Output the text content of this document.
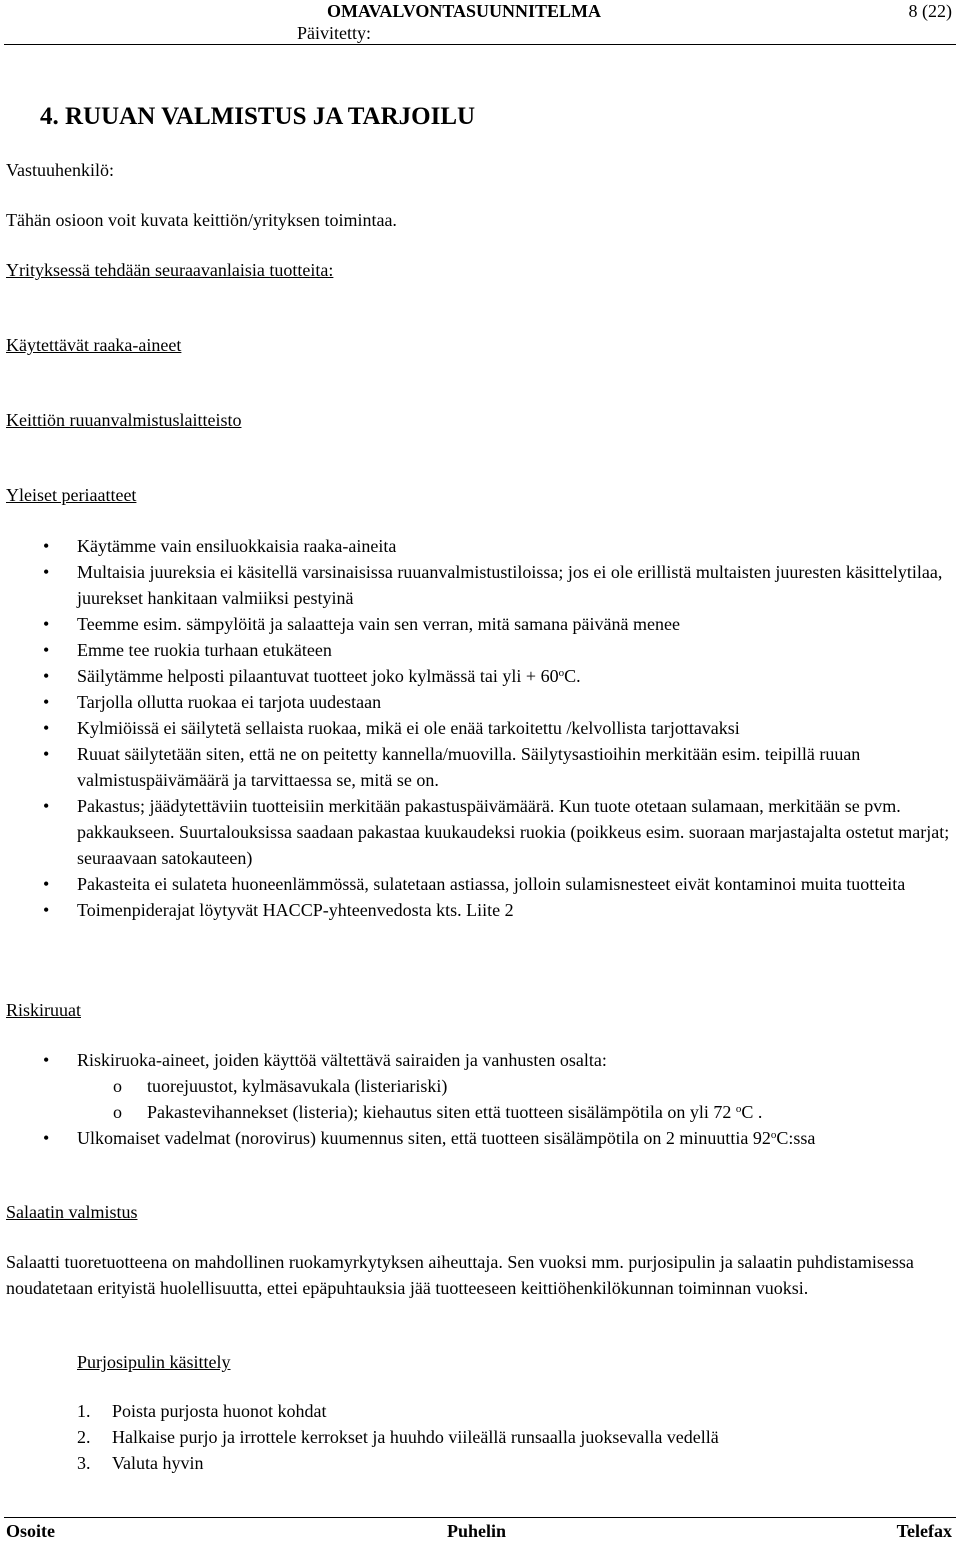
OMAVALVONTASUUNNITELMA	8 (22)
Päivitetty:
4. RUUAN VALMISTUS JA TARJOILU
Vastuuhenkilö:
Tähän osioon voit kuvata keittiön/yrityksen toimintaa.
Yrityksessä tehdään seuraavanlaisia tuotteita:
Käytettävät raaka-aineet
Keittiön ruuanvalmistuslaitteisto
Yleiset periaatteet
• Käytämme vain ensiluokkaisia raaka-aineita
• Multaisia juureksia ei käsitellä varsinaisissa ruuanvalmistustiloissa; jos ei ole erillistä multaisten juuresten käsittelytilaa, juurekset hankitaan valmiiksi pestyinä
• Teemme esim. sämpylöitä ja salaatteja vain sen verran, mitä samana päivänä menee
• Emme tee ruokia turhaan etukäteen
• Säilytämme helposti pilaantuvat tuotteet joko kylmässä tai yli + $60^oC$.
• Tarjolla ollutta ruokaa ei tarjota uudestaan
• Kylmiöissä ei säilytetä sellaista ruokaa, mikä ei ole enää tarkoitettu /kelvollista tarjottavaksi
• Ruuat säilytetään siten, että ne on peitetty kannella/muovilla. Säilytysastioihin merkitään esim. teipillä ruuan valmistuspäivämäärä ja tarvittaessa se, mitä se on.
• Pakastus; jäädytettäviin tuotteisiin merkitään pakastuspäivämäärä. Kun tuote otetaan sulamaan, merkitään se pvm. pakkaukseen. Suurtalouksissa saadaan pakastaa kuukaudeksi ruokia (poikkeus esim. suoraan marjastajalta ostetut marjat; seuraavaan satokauteen)
• Pakasteita ei sulateta huoneenlämmössä, sulatetaan astiassa, jolloin sulamisnesteet eivät kontaminoi muita tuotteita
• Toimenpiderajat löytyvät HACCP-yhteenvedosta kts. Liite 2
Riskiruuat
• Riskiruoka-aineet, joiden käyttöä vältettävä sairaiden ja vanhusten osalta:
o tuorejuustot, kylmäsavukala (listeriariski)
o Pakastevihannekset (listeria); kiehautus siten että tuotteen sisälämpötila on yli 72 $^o$C .
• Ulkomaiset vadelmat (norovirus) kuumennus siten, että tuotteen sisälämpötila on 2 minuuttia 92$^o$C:ssa
Salaatin valmistus
Salaatti tuoretuotteena on mahdollinen ruokamyrkytyksen aiheuttaja. Sen vuoksi mm. purjosipulin ja salaatin puhdistamisessa noudatetaan erityistä huolellisuutta, ettei epäpuhtauksia jää tuotteeseen keittiöhenkilökunnan toiminnan vuoksi.
Purjosipulin käsittely
1. Poista purjosta huonot kohdat
2. Halkaise purjo ja irrottele kerrokset ja huuhdo viileällä runsaalla juoksevalla vedellä
3. Valuta hyvin
Osoite	Puhelin	Telefax
